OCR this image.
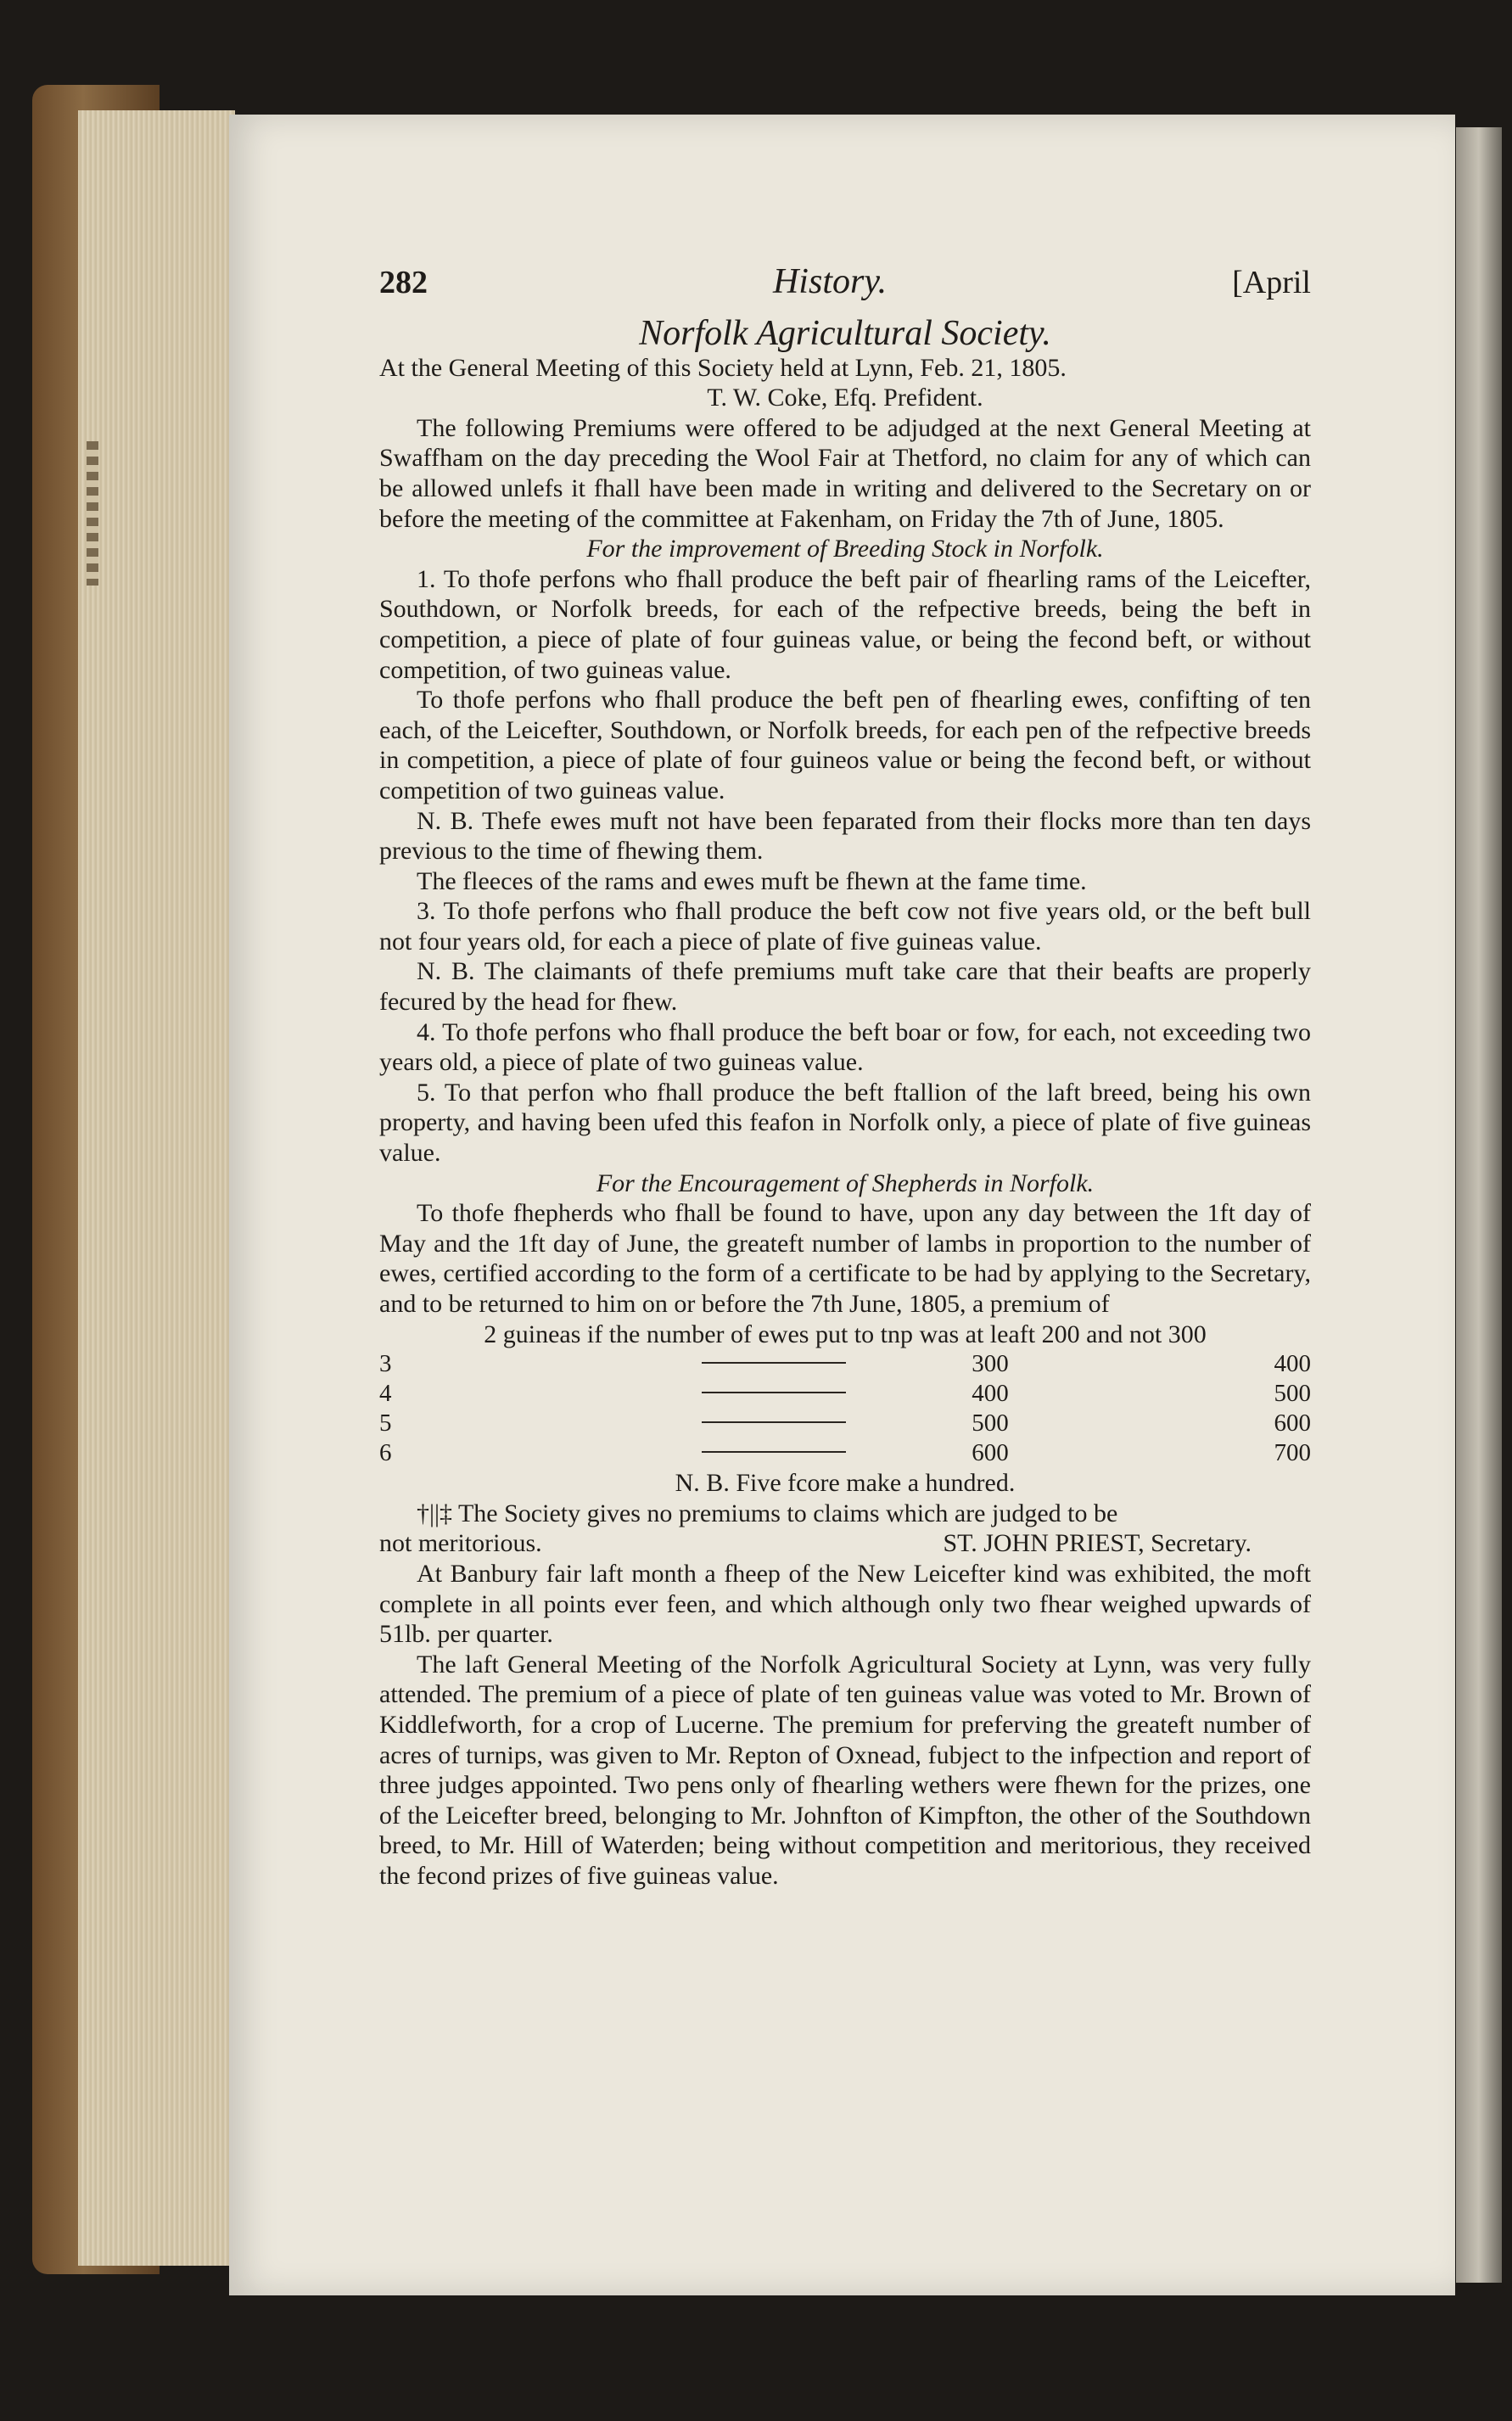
282	History.	[April
Norfolk Agricultural Society.

At the General Meeting of this Society held at Lynn, Feb. 21, 1805.

T. W. Coke, Efq. Prefident.

The following Premiums were offered to be adjudged at the next General Meeting at Swaffham on the day preceding the Wool Fair at Thetford, no claim for any of which can be allowed unlefs it fhall have been made in writing and delivered to the Secretary on or before the meeting of the committee at Fakenham, on Friday the 7th of June, 1805.

For the improvement of Breeding Stock in Norfolk.

1. To thofe perfons who fhall produce the beft pair of fhearling rams of the Leicefter, Southdown, or Norfolk breeds, for each of the refpective breeds, being the beft in competition, a piece of plate of four guineas value, or being the fecond beft, or without competition, of two guineas value.

To thofe perfons who fhall produce the beft pen of fhearling ewes, confifting of ten each, of the Leicefter, Southdown, or Norfolk breeds, for each pen of the refpective breeds in competition, a piece of plate of four guineos value or being the fecond beft, or without competition of two guineas value.

N. B. Thefe ewes muft not have been feparated from their flocks more than ten days previous to the time of fhewing them.

The fleeces of the rams and ewes muft be fhewn at the fame time.

3. To thofe perfons who fhall produce the beft cow not five years old, or the beft bull not four years old, for each a piece of plate of five guineas value.

N. B. The claimants of thefe premiums muft take care that their beafts are properly fecured by the head for fhew.

4. To thofe perfons who fhall produce the beft boar or fow, for each, not exceeding two years old, a piece of plate of two guineas value.

5. To that perfon who fhall produce the beft ftallion of the laft breed, being his own property, and having been ufed this feafon in Norfolk only, a piece of plate of five guineas value.

For the Encouragement of Shepherds in Norfolk.

To thofe fhepherds who fhall be found to have, upon any day between the 1ft day of May and the 1ft day of June, the greateft number of lambs in proportion to the number of ewes, certified according to the form of a certificate to be had by applying to the Secretary, and to be returned to him on or before the 7th June, 1805, a premium of

2 guineas if the number of ewes put to tnp was at leaft 200 and not 300
3		300	400
4		400	500
5		500	600
6		600	700
N. B. Five fcore make a hundred.

†||‡ The Society gives no premiums to claims which are judged to be

not meritorious.	ST. JOHN PRIEST, Secretary.

At Banbury fair laft month a fheep of the New Leicefter kind was exhibited, the moft complete in all points ever feen, and which although only two fhear weighed upwards of 51lb. per quarter.

The laft General Meeting of the Norfolk Agricultural Society at Lynn, was very fully attended. The premium of a piece of plate of ten guineas value was voted to Mr. Brown of Kiddlefworth, for a crop of Lucerne. The premium for preferving the greateft number of acres of turnips, was given to Mr. Repton of Oxnead, fubject to the infpection and report of three judges appointed. Two pens only of fhearling wethers were fhewn for the prizes, one of the Leicefter breed, belonging to Mr. Johnfton of Kimpfton, the other of the Southdown breed, to Mr. Hill of Waterden; being without competition and meritorious, they received the fecond prizes of five guineas value.
